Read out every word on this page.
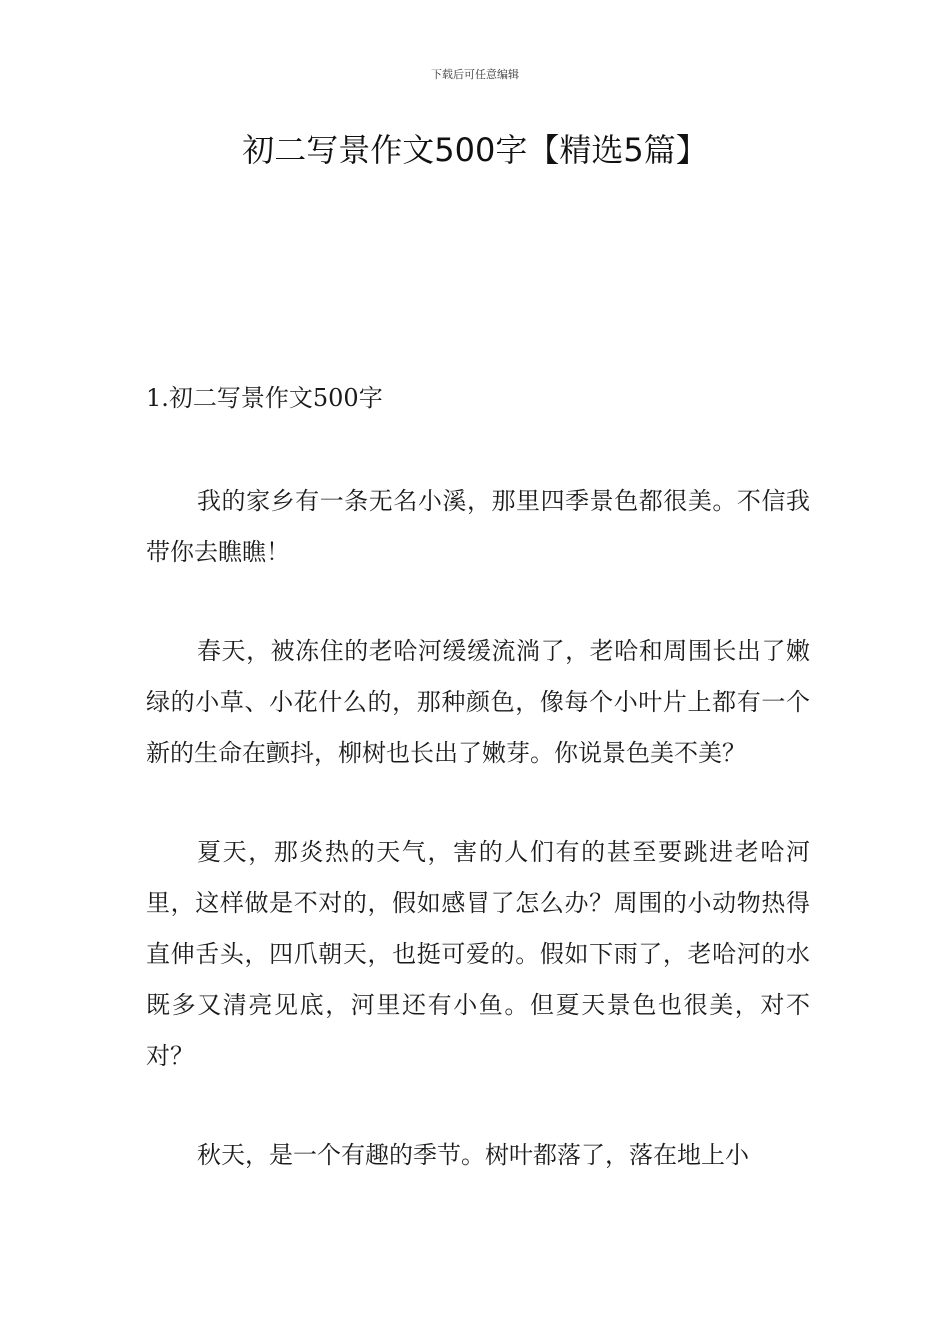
下载后可任意编辑
初二写景作文500字【精选5篇】
1.初二写景作文500字

我的家乡有一条无名小溪，那里四季景色都很美。不信我带你去瞧瞧！

春天，被冻住的老哈河缓缓流淌了，老哈和周围长出了嫩绿的小草、小花什么的，那种颜色，像每个小叶片上都有一个新的生命在颤抖，柳树也长出了嫩芽。你说景色美不美？

夏天，那炎热的天气，害的人们有的甚至要跳进老哈河里，这样做是不对的，假如感冒了怎么办？周围的小动物热得直伸舌头，四爪朝天，也挺可爱的。假如下雨了，老哈河的水既多又清亮见底，河里还有小鱼。但夏天景色也很美，对不对？

秋天，是一个有趣的季节。树叶都落了，落在地上小
